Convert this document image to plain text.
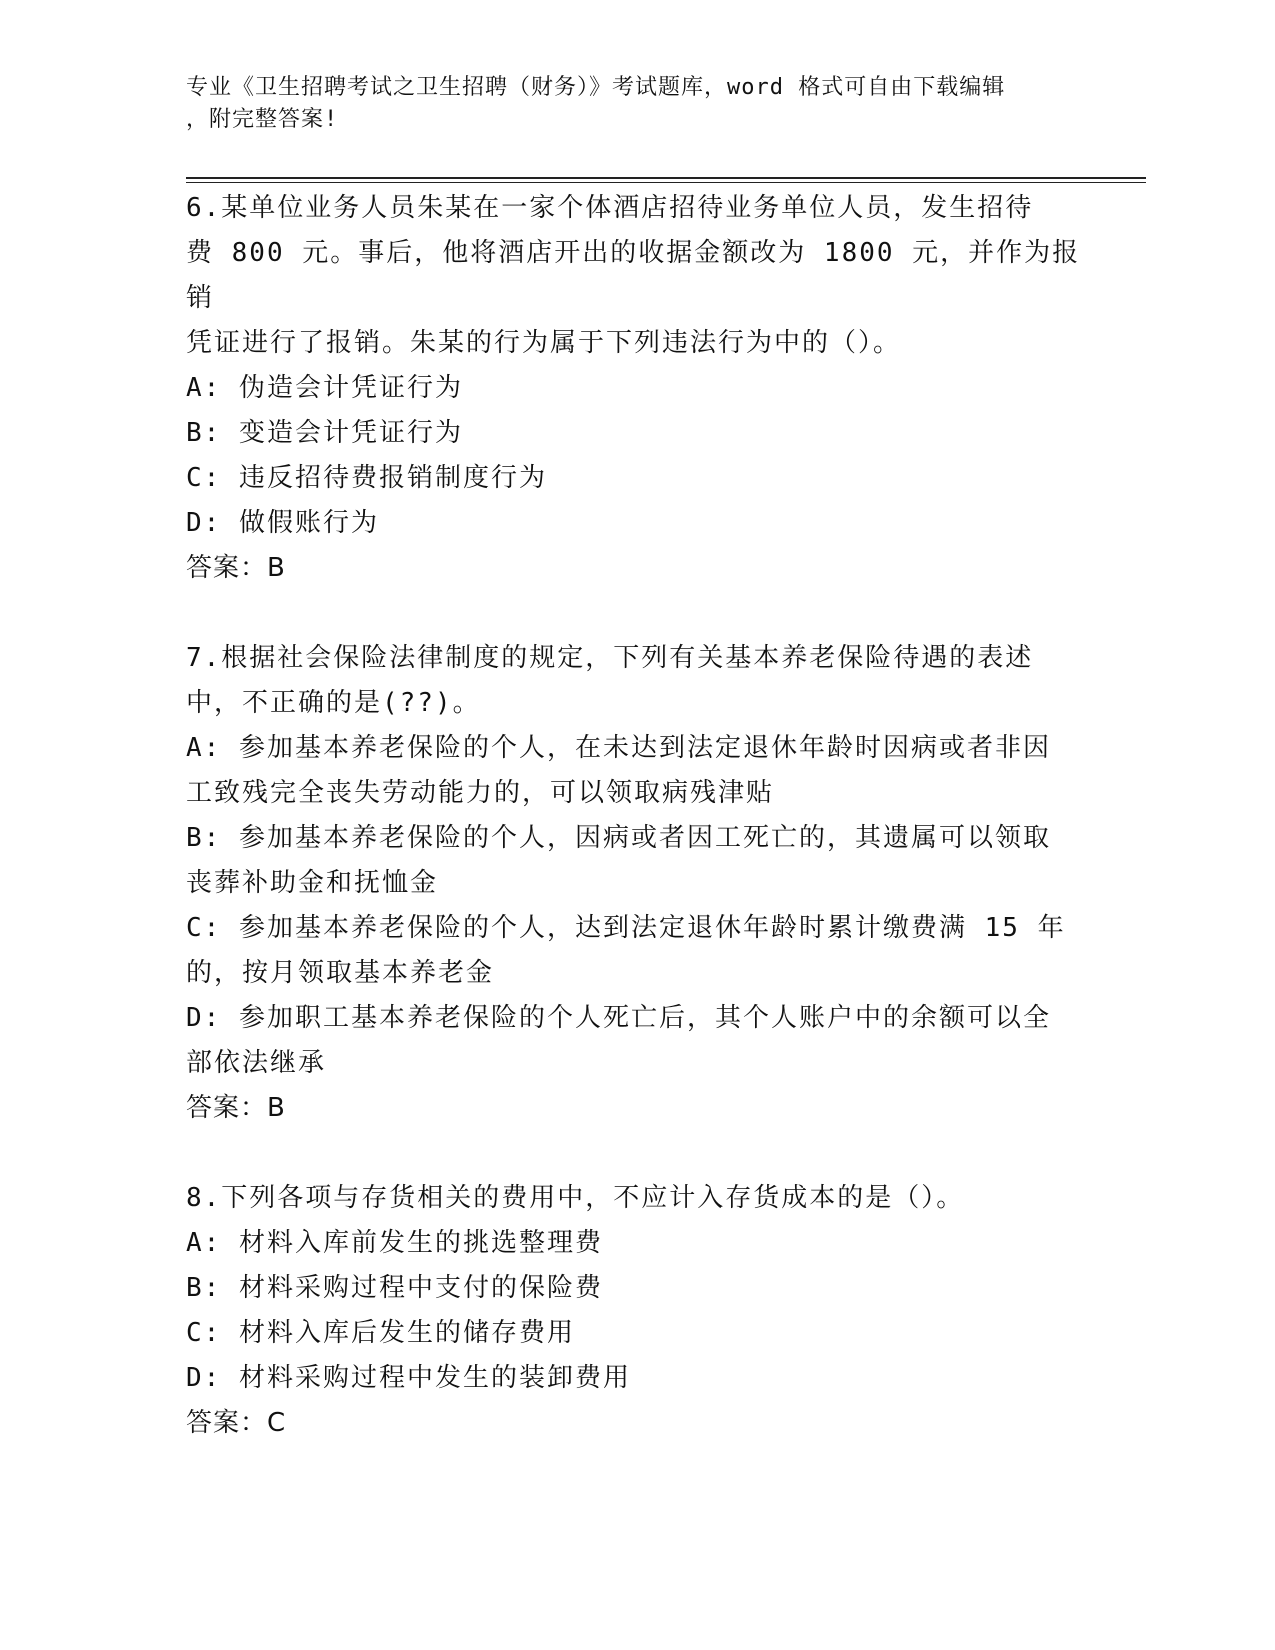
专业《卫生招聘考试之卫生招聘（财务）》考试题库，word 格式可自由下载编辑
，附完整答案!
6.某单位业务人员朱某在一家个体酒店招待业务单位人员，发生招待
费 800 元。事后，他将酒店开出的收据金额改为 1800 元，并作为报销
凭证进行了报销。朱某的行为属于下列违法行为中的（）。
A: 伪造会计凭证行为
B: 变造会计凭证行为
C: 违反招待费报销制度行为
D: 做假账行为
答案：B
7.根据社会保险法律制度的规定，下列有关基本养老保险待遇的表述
中，不正确的是(??)。
A: 参加基本养老保险的个人，在未达到法定退休年龄时因病或者非因
工致残完全丧失劳动能力的，可以领取病残津贴
B: 参加基本养老保险的个人，因病或者因工死亡的，其遗属可以领取
丧葬补助金和抚恤金
C: 参加基本养老保险的个人，达到法定退休年龄时累计缴费满 15 年
的，按月领取基本养老金
D: 参加职工基本养老保险的个人死亡后，其个人账户中的余额可以全
部依法继承
答案：B
8.下列各项与存货相关的费用中，不应计入存货成本的是（）。
A: 材料入库前发生的挑选整理费
B: 材料采购过程中支付的保险费
C: 材料入库后发生的储存费用
D: 材料采购过程中发生的装卸费用
答案：C
